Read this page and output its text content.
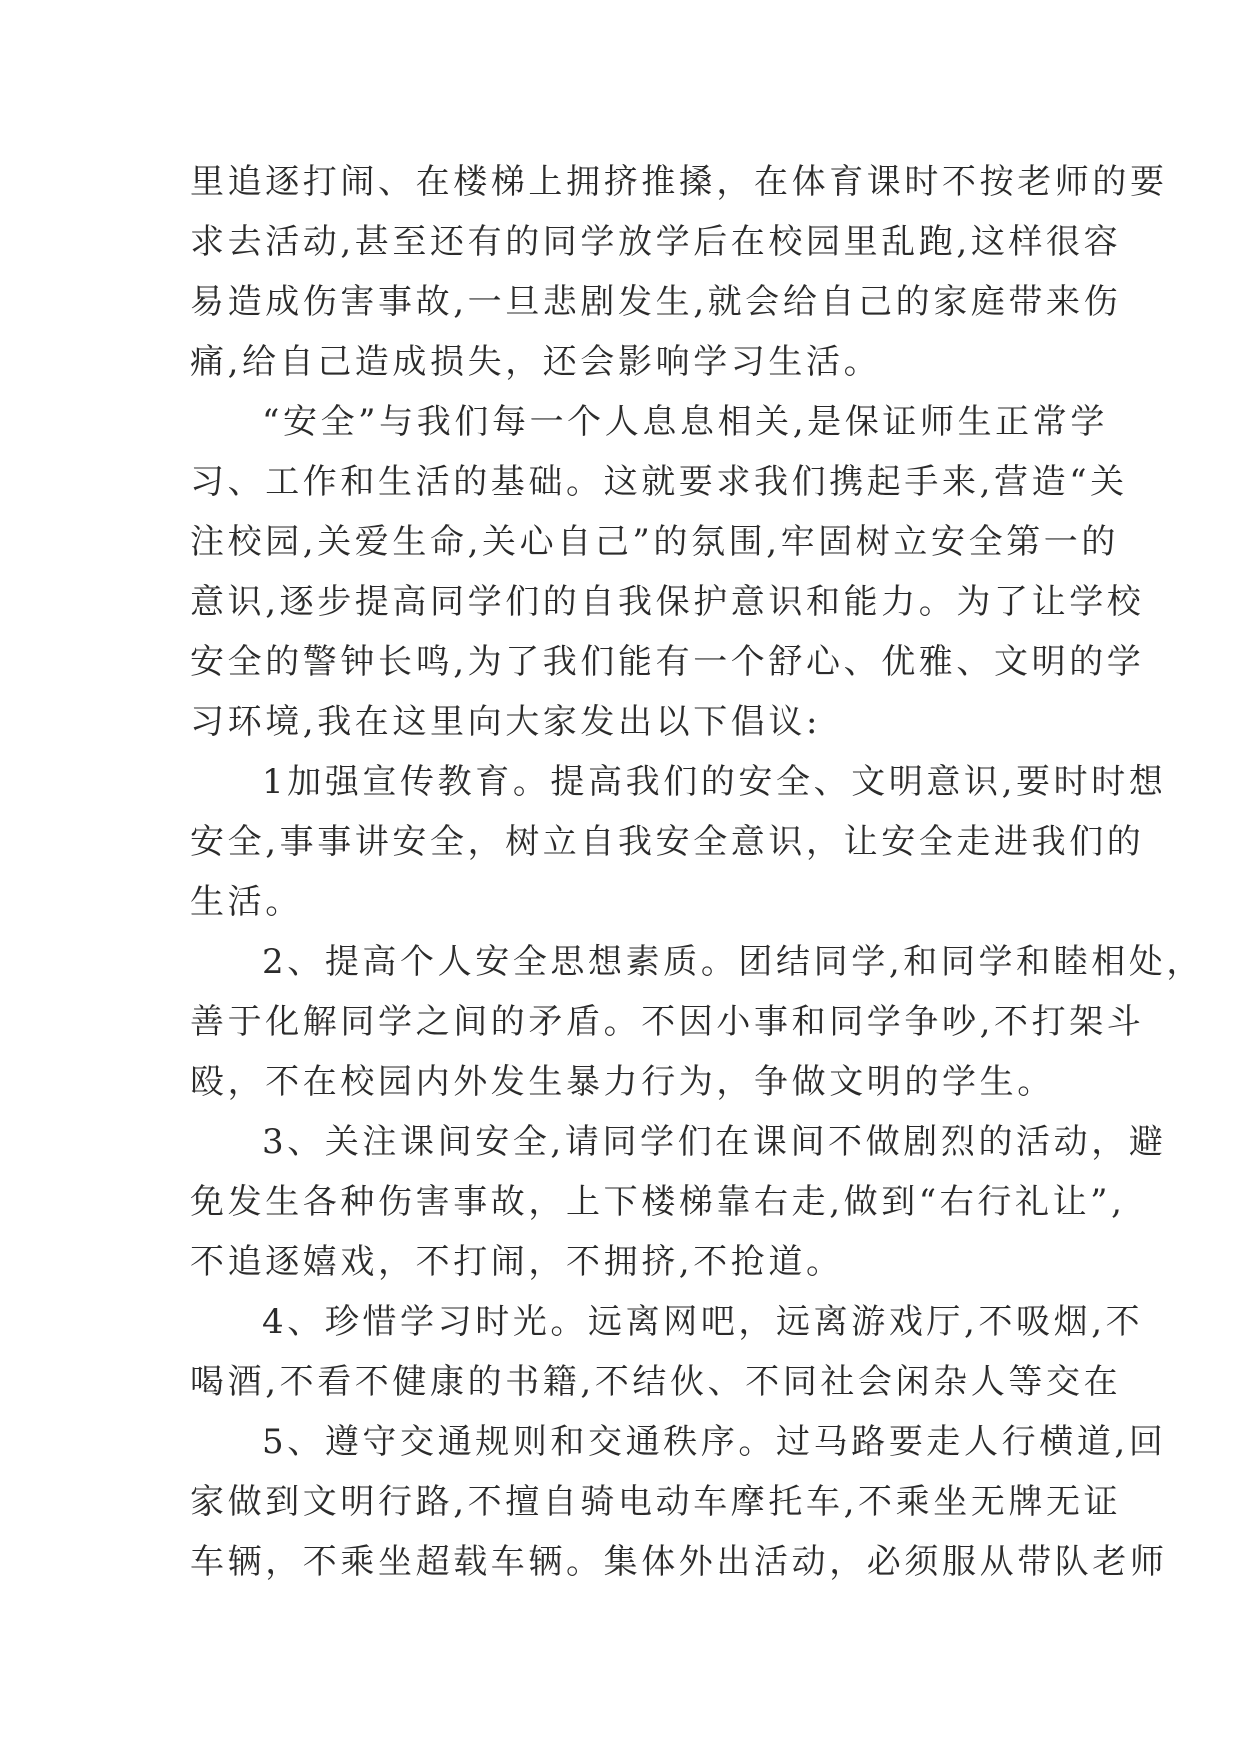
里追逐打闹、在楼梯上拥挤推搡，在体育课时不按老师的要
求去活动,甚至还有的同学放学后在校园里乱跑,这样很容
易造成伤害事故,一旦悲剧发生,就会给自己的家庭带来伤
痛,给自己造成损失，还会影响学习生活。
“安全”与我们每一个人息息相关,是保证师生正常学
习、工作和生活的基础。这就要求我们携起手来,营造“关
注校园,关爱生命,关心自己”的氛围,牢固树立安全第一的
意识,逐步提高同学们的自我保护意识和能力。为了让学校
安全的警钟长鸣,为了我们能有一个舒心、优雅、文明的学
习环境,我在这里向大家发出以下倡议:
1加强宣传教育。提高我们的安全、文明意识,要时时想
安全,事事讲安全，树立自我安全意识，让安全走进我们的
生活。
2、提高个人安全思想素质。团结同学,和同学和睦相处，
善于化解同学之间的矛盾。不因小事和同学争吵,不打架斗
殴，不在校园内外发生暴力行为，争做文明的学生。
3、关注课间安全,请同学们在课间不做剧烈的活动，避
免发生各种伤害事故，上下楼梯靠右走,做到“右行礼让”,
不追逐嬉戏，不打闹，不拥挤,不抢道。
4、珍惜学习时光。远离网吧，远离游戏厅,不吸烟,不
喝酒,不看不健康的书籍,不结伙、不同社会闲杂人等交在
5、遵守交通规则和交通秩序。过马路要走人行横道,回
家做到文明行路,不擅自骑电动车摩托车,不乘坐无牌无证
车辆，不乘坐超载车辆。集体外出活动，必须服从带队老师
